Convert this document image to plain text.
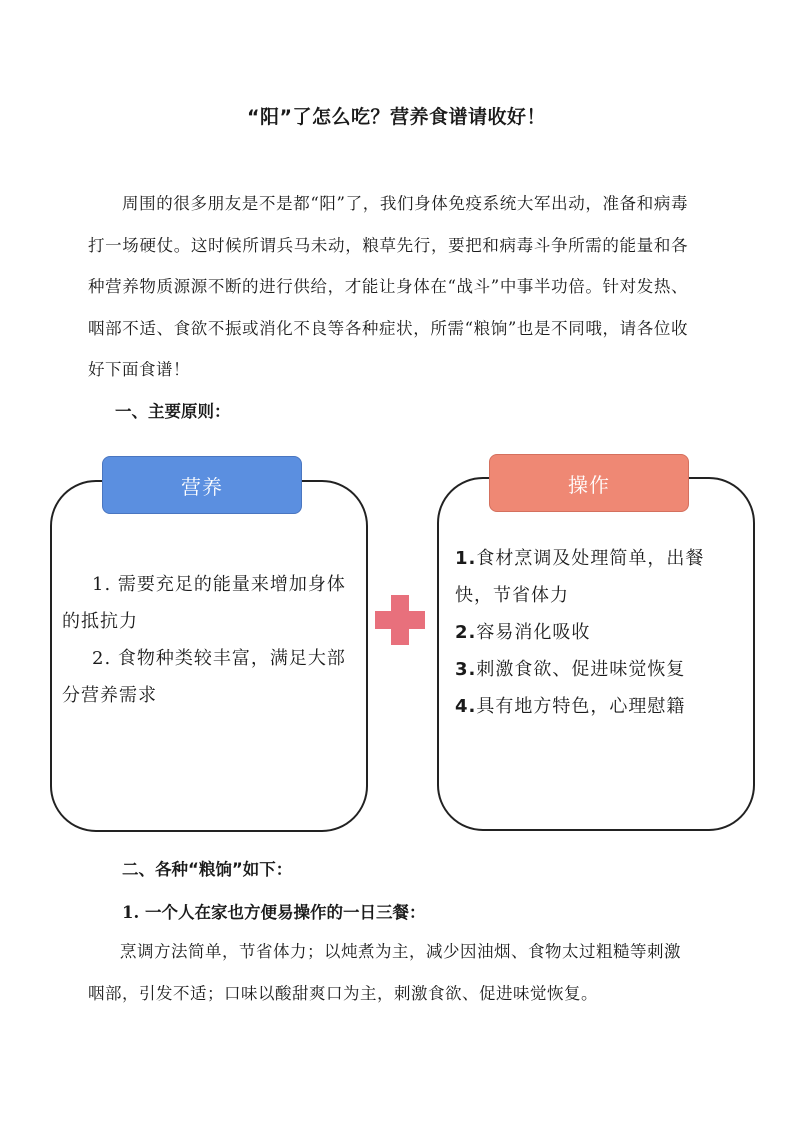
“阳”了怎么吃？营养食谱请收好！
周围的很多朋友是不是都“阳”了，我们身体免疫系统大军出动，准备和病毒打一场硬仗。这时候所谓兵马未动，粮草先行，要把和病毒斗争所需的能量和各种营养物质源源不断的进行供给，才能让身体在“战斗”中事半功倍。针对发热、咽部不适、食欲不振或消化不良等各种症状，所需“粮饷”也是不同哦，请各位收好下面食谱！
一、主要原则：
营养

1. 需要充足的能量来增加身体的抵抗力

2. 食物种类较丰富，满足大部分营养需求

操作

1.食材烹调及处理简单，出餐快，节省体力

2.容易消化吸收

3.刺激食欲、促进味觉恢复

4.具有地方特色，心理慰籍

二、各种“粮饷”如下：
1. 一个人在家也方便易操作的一日三餐：
烹调方法简单，节省体力；以炖煮为主，减少因油烟、食物太过粗糙等刺激咽部，引发不适；口味以酸甜爽口为主，刺激食欲、促进味觉恢复。
